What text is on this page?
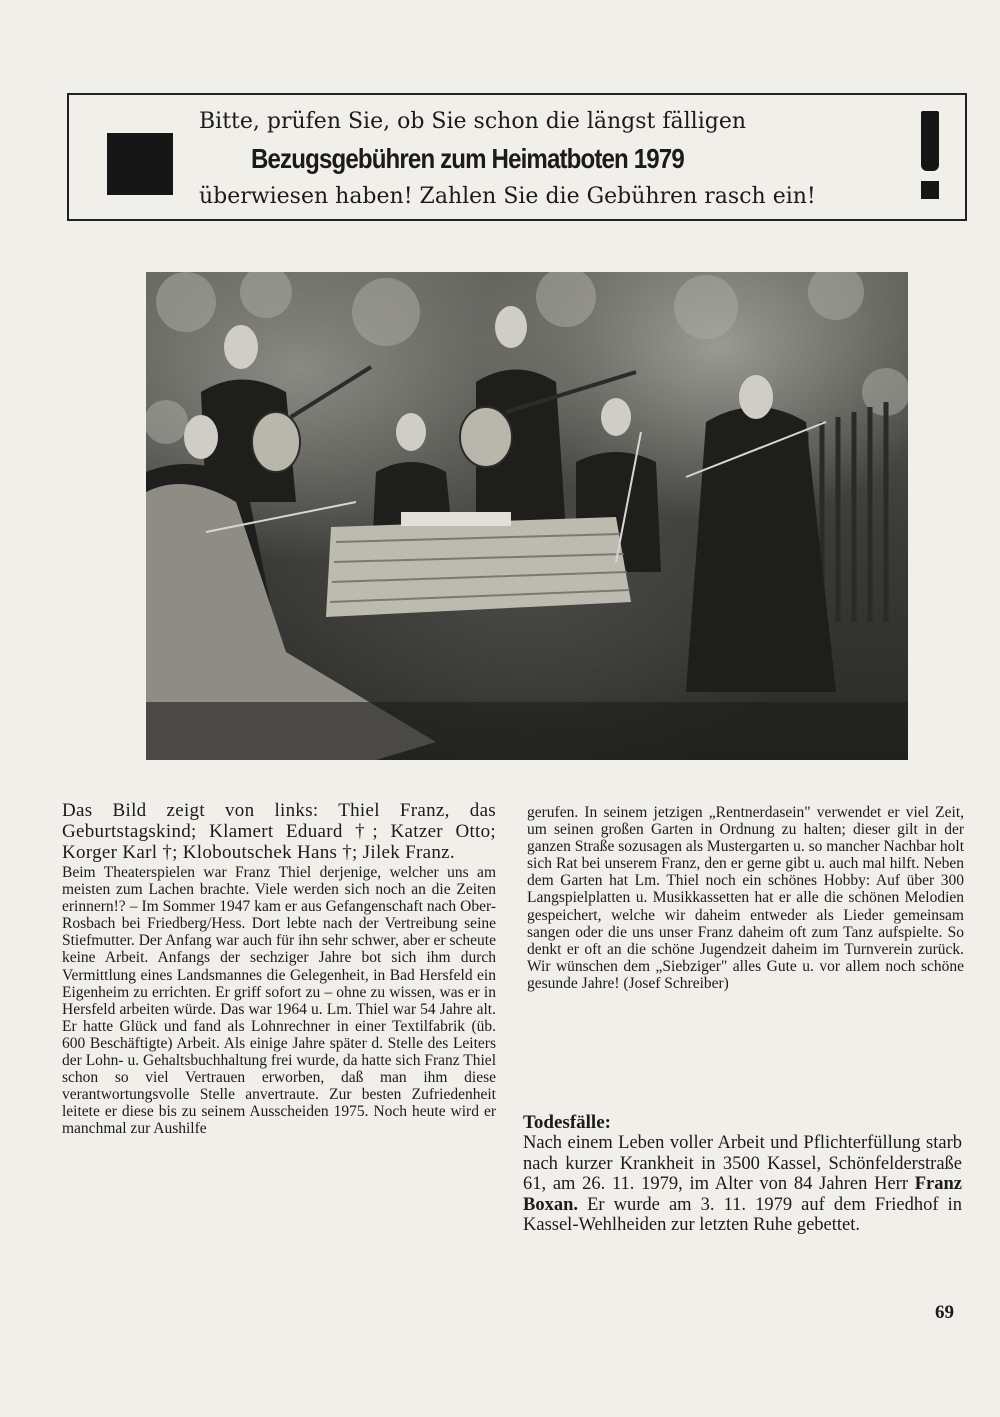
Bitte, prüfen Sie, ob Sie schon die längst fälligen
Bezugsgebühren zum Heimatboten 1979
überwiesen haben! Zahlen Sie die Gebühren rasch ein!

Das Bild zeigt von links: Thiel Franz, das Geburtstagskind; Klamert Eduard †; Katzer Otto; Korger Karl †; Kloboutschek Hans †; Jilek Franz.

Beim Theaterspielen war Franz Thiel derjenige, welcher uns am meisten zum Lachen brachte. Viele werden sich noch an die Zeiten erinnern!? – Im Sommer 1947 kam er aus Gefangenschaft nach Ober-Rosbach bei Friedberg/Hess. Dort lebte nach der Vertreibung seine Stiefmutter. Der Anfang war auch für ihn sehr schwer, aber er scheute keine Arbeit. Anfangs der sechziger Jahre bot sich ihm durch Vermittlung eines Landsmannes die Gelegenheit, in Bad Hersfeld ein Eigenheim zu errichten. Er griff sofort zu – ohne zu wissen, was er in Hersfeld arbeiten würde. Das war 1964 u. Lm. Thiel war 54 Jahre alt. Er hatte Glück und fand als Lohnrechner in einer Textilfabrik (üb. 600 Beschäftigte) Arbeit. Als einige Jahre später d. Stelle des Leiters der Lohn- u. Gehaltsbuchhaltung frei wurde, da hatte sich Franz Thiel schon so viel Vertrauen erworben, daß man ihm diese verantwortungsvolle Stelle anvertraute. Zur besten Zufriedenheit leitete er diese bis zu seinem Ausscheiden 1975. Noch heute wird er manchmal zur Aushilfe

gerufen. In seinem jetzigen „Rentnerdasein" verwendet er viel Zeit, um seinen großen Garten in Ordnung zu halten; dieser gilt in der ganzen Straße sozusagen als Mustergarten u. so mancher Nachbar holt sich Rat bei unserem Franz, den er gerne gibt u. auch mal hilft. Neben dem Garten hat Lm. Thiel noch ein schönes Hobby: Auf über 300 Langspielplatten u. Musikkassetten hat er alle die schönen Melodien gespeichert, welche wir daheim entweder als Lieder gemeinsam sangen oder die uns unser Franz daheim oft zum Tanz aufspielte. So denkt er oft an die schöne Jugendzeit daheim im Turnverein zurück. Wir wünschen dem „Siebziger" alles Gute u. vor allem noch schöne gesunde Jahre! (Josef Schreiber)

Todesfälle:
Nach einem Leben voller Arbeit und Pflichterfüllung starb nach kurzer Krankheit in 3500 Kassel, Schönfelderstraße 61, am 26. 11. 1979, im Alter von 84 Jahren Herr Franz Boxan. Er wurde am 3. 11. 1979 auf dem Friedhof in Kassel-Wehlheiden zur letzten Ruhe gebettet.
69
